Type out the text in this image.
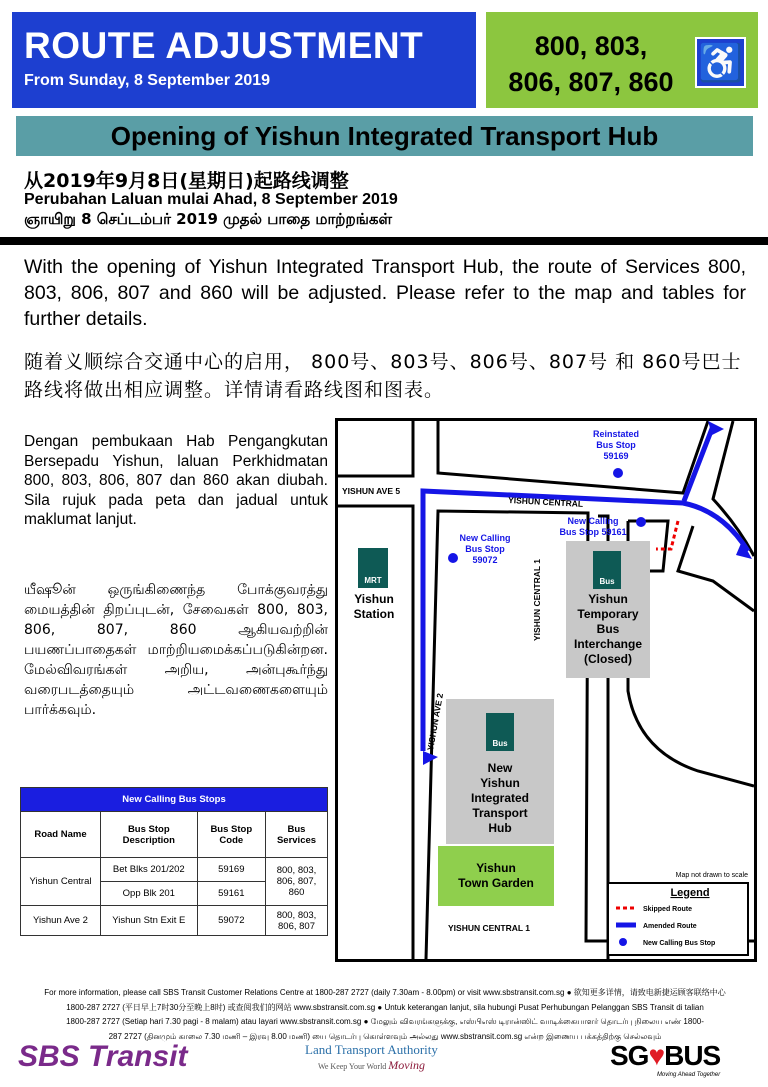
ROUTE ADJUSTMENT
From Sunday, 8 September 2019
800, 803,
806, 807, 860 ♿
Opening of Yishun Integrated Transport Hub
从2019年9月8日(星期日)起路线调整
Perubahan Laluan mulai Ahad, 8 September 2019
ஞாயிறு 8 செப்டம்பர் 2019 முதல் பாதை மாற்றங்கள்

With the opening of Yishun Integrated Transport Hub, the route of Services 800, 803, 806, 807 and 860 will be adjusted. Please refer to the map and tables for further details.

随着义顺综合交通中心的启用， 800号、803号、806号、807号 和 860号巴士路线将做出相应调整。详情请看路线图和图表。

Dengan pembukaan Hab Pengangkutan Bersepadu Yishun, laluan Perkhidmatan 800, 803, 806, 807 dan 860 akan diubah. Sila rujuk pada peta dan jadual untuk maklumat lanjut.

யீஷூன் ஒருங்கிணைந்த போக்குவரத்து மையத்தின் திறப்புடன், சேவைகள் 800, 803, 806, 807, 860 ஆகியவற்றின் பயணப்பாதைகள் மாற்றியமைக்கப்படுகின்றன. மேல்விவரங்கள் அறிய, அன்புகூர்ந்து வரைபடத்தையும் அட்டவணைகளையும் பார்க்கவும்.

New Calling Bus Stops			
Road Name	Bus Stop Description	Bus Stop Code	Bus Services
Yishun Central	Bet Blks 201/202	59169	800, 803, 806, 807, 860
	Opp Blk 201	59161	
Yishun Ave 2	Yishun Stn Exit E	59072	800, 803, 806, 807
YISHUN AVE 5
YISHUN CENTRAL
YISHUN CENTRAL 1
YISHUN AVE 2
YISHUN CENTRAL 1
Reinstated
Bus Stop
59169
New Calling
Bus Stop 59161
New Calling
Bus Stop
59072
MRT
Yishun
Station
Bus
Yishun
Temporary
Bus
Interchange
(Closed)
Bus
New
Yishun
Integrated
Transport
Hub
Yishun
Town Garden
Map not drawn to scale
Legend
Skipped Route
Amended Route
New Calling Bus Stop
For more information, please call SBS Transit Customer Relations Centre at 1800-287 2727 (daily 7.30am - 8.00pm) or visit www.sbstransit.com.sg ● 欲知更多详情，请致电新捷运顾客联络中心
1800-287 2727 (平日早上7时30分至晚上8时) 或查阅我们的网站 www.sbstransit.com.sg ● Untuk keterangan lanjut, sila hubungi Pusat Perhubungan Pelanggan SBS Transit di talian
1800-287 2727 (Setiap hari 7.30 pagi - 8 malam) atau layari www.sbstransit.com.sg ● மேலும் விவரங்களுக்கு, எஸ்பிஎஸ் டிரான்ஸிட் வாடிக்கையாளர் தொடர்பு நிலைய எண் 1800-
287 2727 (தினமும் காலை 7.30 மணி – இரவு 8.00 மணி) யை தொடர்பு கொள்ளவும் அல்லது www.sbstransit.com.sg என்ற இணைய பக்கத்திற்கு செல்லவும்
SBS Transit	Land Transport Authority
We Keep Your World Moving	SG♥BUS
Moving Ahead Together
